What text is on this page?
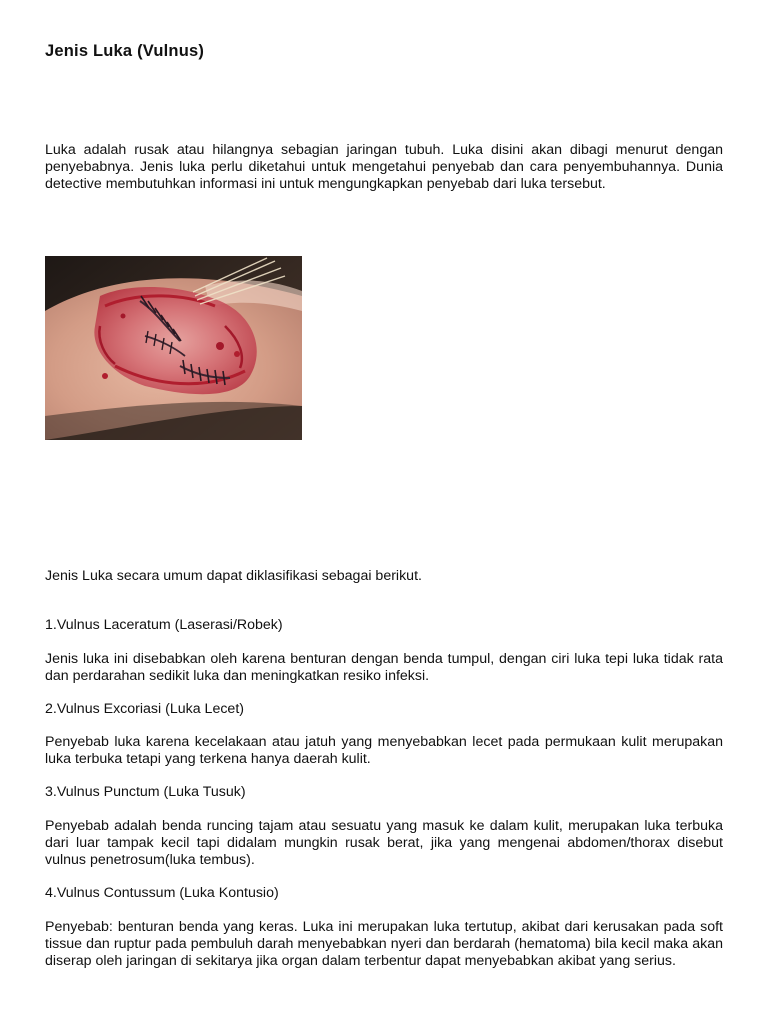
Jenis Luka (Vulnus)

Luka adalah rusak atau hilangnya sebagian jaringan tubuh. Luka disini akan dibagi menurut dengan penyebabnya. Jenis luka perlu diketahui untuk mengetahui penyebab dan cara penyembuhannya. Dunia detective membutuhkan informasi ini untuk mengungkapkan penyebab dari luka tersebut.

Jenis Luka secara umum dapat diklasifikasi sebagai berikut.

1.Vulnus Laceratum (Laserasi/Robek)

Jenis luka ini disebabkan oleh karena benturan dengan benda tumpul, dengan ciri luka tepi luka tidak rata dan perdarahan sedikit luka dan meningkatkan resiko infeksi.

2.Vulnus Excoriasi (Luka Lecet)

Penyebab luka karena kecelakaan atau jatuh yang menyebabkan lecet pada permukaan kulit merupakan luka terbuka tetapi yang terkena hanya daerah kulit.

3.Vulnus Punctum (Luka Tusuk)

Penyebab adalah benda runcing tajam atau sesuatu yang masuk ke dalam kulit, merupakan luka terbuka dari luar tampak kecil tapi didalam mungkin rusak berat, jika yang mengenai abdomen/thorax disebut vulnus penetrosum(luka tembus).

4.Vulnus Contussum (Luka Kontusio)

Penyebab: benturan benda yang keras. Luka ini merupakan luka tertutup, akibat dari kerusakan pada soft tissue dan ruptur pada pembuluh darah menyebabkan nyeri dan berdarah (hematoma) bila kecil maka akan diserap oleh jaringan di sekitarya jika organ dalam terbentur dapat menyebabkan akibat yang serius.
